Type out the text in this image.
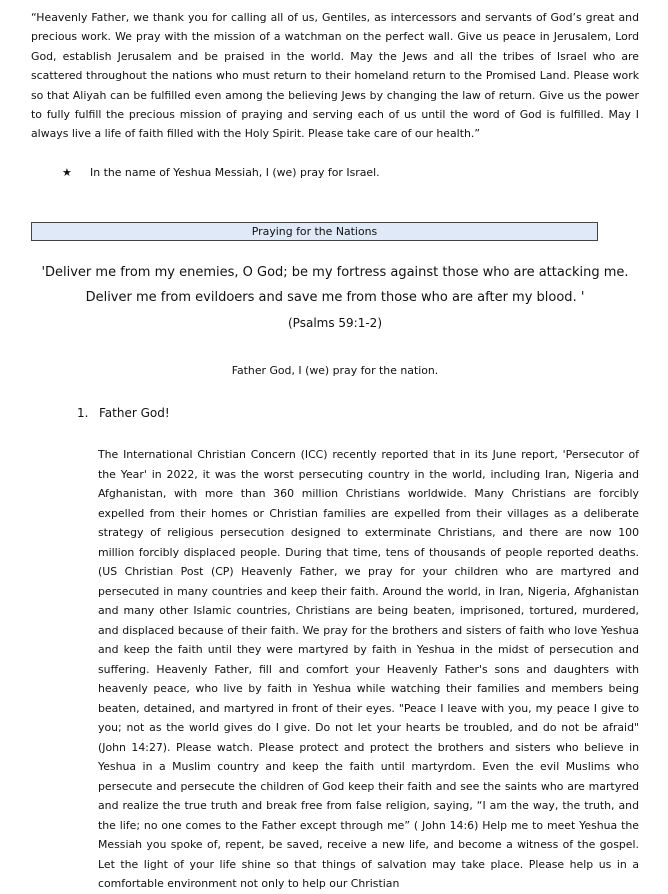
“Heavenly Father, we thank you for calling all of us, Gentiles, as intercessors and servants of God’s great and precious work. We pray with the mission of a watchman on the perfect wall. Give us peace in Jerusalem, Lord God, establish Jerusalem and be praised in the world. May the Jews and all the tribes of Israel who are scattered throughout the nations who must return to their homeland return to the Promised Land. Please work so that Aliyah can be fulfilled even among the believing Jews by changing the law of return. Give us the power to fully fulfill the precious mission of praying and serving each of us until the word of God is fulfilled. May I always live a life of faith filled with the Holy Spirit. Please take care of our health.”

★	In the name of Yeshua Messiah, I (we) pray for Israel.
Praying for the Nations

'Deliver me from my enemies, O God; be my fortress against those who are attacking me. Deliver me from evildoers and save me from those who are after my blood. '

(Psalms 59:1-2)
Father God, I (we) pray for the nation.
1. Father God!

The International Christian Concern (ICC) recently reported that in its June report, 'Persecutor of the Year' in 2022, it was the worst persecuting country in the world, including Iran, Nigeria and Afghanistan, with more than 360 million Christians worldwide. Many Christians are forcibly expelled from their homes or Christian families are expelled from their villages as a deliberate strategy of religious persecution designed to exterminate Christians, and there are now 100 million forcibly displaced people. During that time, tens of thousands of people reported deaths. (US Christian Post (CP) Heavenly Father, we pray for your children who are martyred and persecuted in many countries and keep their faith. Around the world, in Iran, Nigeria, Afghanistan and many other Islamic countries, Christians are being beaten, imprisoned, tortured, murdered, and displaced because of their faith. We pray for the brothers and sisters of faith who love Yeshua and keep the faith until they were martyred by faith in Yeshua in the midst of persecution and suffering. Heavenly Father, fill and comfort your Heavenly Father's sons and daughters with heavenly peace, who live by faith in Yeshua while watching their families and members being beaten, detained, and martyred in front of their eyes. "Peace I leave with you, my peace I give to you; not as the world gives do I give. Do not let your hearts be troubled, and do not be afraid" (John 14:27). Please watch. Please protect and protect the brothers and sisters who believe in Yeshua in a Muslim country and keep the faith until martyrdom. Even the evil Muslims who persecute and persecute the children of God keep their faith and see the saints who are martyred and realize the true truth and break free from false religion, saying, “I am the way, the truth, and the life; no one comes to the Father except through me” ( John 14:6) Help me to meet Yeshua the Messiah you spoke of, repent, be saved, receive a new life, and become a witness of the gospel. Let the light of your life shine so that things of salvation may take place. Please help us in a comfortable environment not only to help our Christian
